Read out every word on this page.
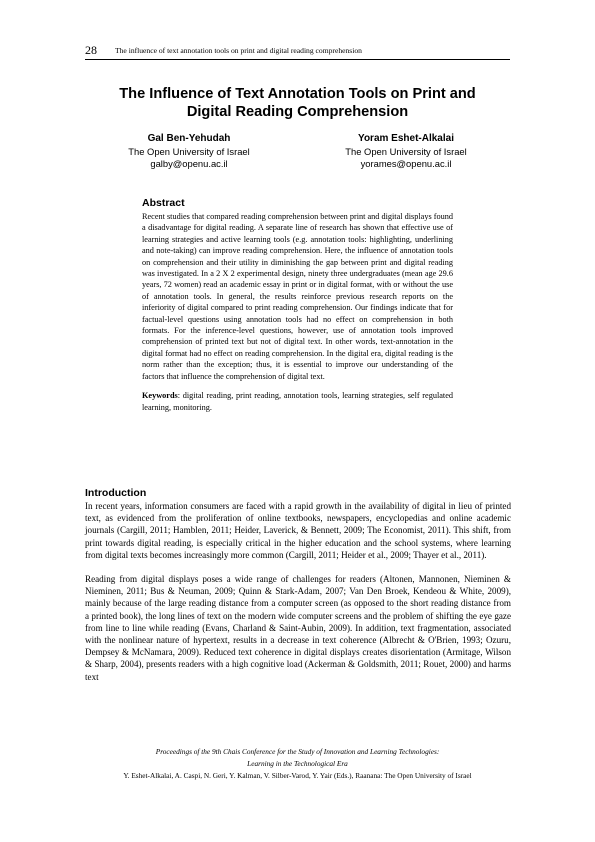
28 The influence of text annotation tools on print and digital reading comprehension
The Influence of Text Annotation Tools on Print and
Digital Reading Comprehension
Gal Ben-Yehudah
The Open University of Israel
galby@openu.ac.il
Yoram Eshet-Alkalai
The Open University of Israel
yorames@openu.ac.il
Abstract

Recent studies that compared reading comprehension between print and digital displays found a disadvantage for digital reading. A separate line of research has shown that effective use of learning strategies and active learning tools (e.g. annotation tools: highlighting, underlining and note-taking) can improve reading comprehension. Here, the influence of annotation tools on comprehension and their utility in diminishing the gap between print and digital reading was investigated. In a 2 X 2 experimental design, ninety three undergraduates (mean age 29.6 years, 72 women) read an academic essay in print or in digital format, with or without the use of annotation tools. In general, the results reinforce previous research reports on the inferiority of digital compared to print reading comprehension. Our findings indicate that for factual-level questions using annotation tools had no effect on comprehension in both formats. For the inference-level questions, however, use of annotation tools improved comprehension of printed text but not of digital text. In other words, text-annotation in the digital format had no effect on reading comprehension. In the digital era, digital reading is the norm rather than the exception; thus, it is essential to improve our understanding of the factors that influence the comprehension of digital text.

Keywords: digital reading, print reading, annotation tools, learning strategies, self regulated learning, monitoring.

Introduction

In recent years, information consumers are faced with a rapid growth in the availability of digital in lieu of printed text, as evidenced from the proliferation of online textbooks, newspapers, encyclopedias and online academic journals (Cargill, 2011; Hamblen, 2011; Heider, Laverick, & Bennett, 2009; The Economist, 2011). This shift, from print towards digital reading, is especially critical in the higher education and the school systems, where learning from digital texts becomes increasingly more common (Cargill, 2011; Heider et al., 2009; Thayer et al., 2011).

Reading from digital displays poses a wide range of challenges for readers (Altonen, Mannonen, Nieminen & Nieminen, 2011; Bus & Neuman, 2009; Quinn & Stark-Adam, 2007; Van Den Broek, Kendeou & White, 2009), mainly because of the large reading distance from a computer screen (as opposed to the short reading distance from a printed book), the long lines of text on the modern wide computer screens and the problem of shifting the eye gaze from line to line while reading (Evans, Charland & Saint-Aubin, 2009). In addition, text fragmentation, associated with the nonlinear nature of hypertext, results in a decrease in text coherence (Albrecht & O'Brien, 1993; Ozuru, Dempsey & McNamara, 2009). Reduced text coherence in digital displays creates disorientation (Armitage, Wilson & Sharp, 2004), presents readers with a high cognitive load (Ackerman & Goldsmith, 2011; Rouet, 2000) and harms text

Proceedings of the 9th Chais Conference for the Study of Innovation and Learning Technologies:
Learning in the Technological Era
Y. Eshet-Alkalai, A. Caspi, N. Geri, Y. Kalman, V. Silber-Varod, Y. Yair (Eds.), Raanana: The Open University of Israel
